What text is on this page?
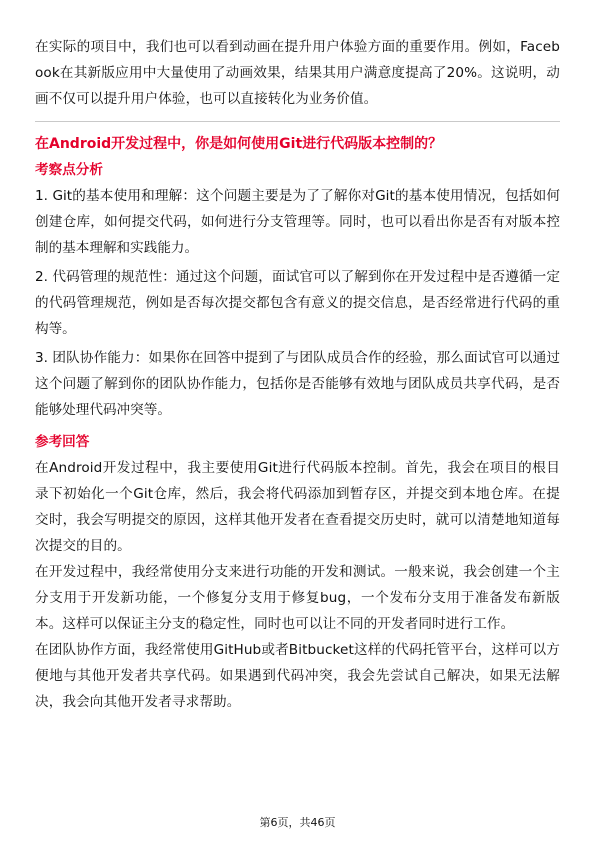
在实际的项目中，我们也可以看到动画在提升用户体验方面的重要作用。例如，Facebook在其新版应用中大量使用了动画效果，结果其用户满意度提高了20%。这说明，动画不仅可以提升用户体验，也可以直接转化为业务价值。

在Android开发过程中，你是如何使用Git进行代码版本控制的？
考察点分析

1. Git的基本使用和理解：这个问题主要是为了了解你对Git的基本使用情况，包括如何创建仓库，如何提交代码，如何进行分支管理等。同时，也可以看出你是否有对版本控制的基本理解和实践能力。

2. 代码管理的规范性：通过这个问题，面试官可以了解到你在开发过程中是否遵循一定的代码管理规范，例如是否每次提交都包含有意义的提交信息，是否经常进行代码的重构等。

3. 团队协作能力：如果你在回答中提到了与团队成员合作的经验，那么面试官可以通过这个问题了解到你的团队协作能力，包括你是否能够有效地与团队成员共享代码，是否能够处理代码冲突等。

参考回答

在Android开发过程中，我主要使用Git进行代码版本控制。首先，我会在项目的根目录下初始化一个Git仓库，然后，我会将代码添加到暂存区，并提交到本地仓库。在提交时，我会写明提交的原因，这样其他开发者在查看提交历史时，就可以清楚地知道每次提交的目的。

在开发过程中，我经常使用分支来进行功能的开发和测试。一般来说，我会创建一个主分支用于开发新功能，一个修复分支用于修复bug，一个发布分支用于准备发布新版本。这样可以保证主分支的稳定性，同时也可以让不同的开发者同时进行工作。

在团队协作方面，我经常使用GitHub或者Bitbucket这样的代码托管平台，这样可以方便地与其他开发者共享代码。如果遇到代码冲突，我会先尝试自己解决，如果无法解决，我会向其他开发者寻求帮助。

第6页，共46页
